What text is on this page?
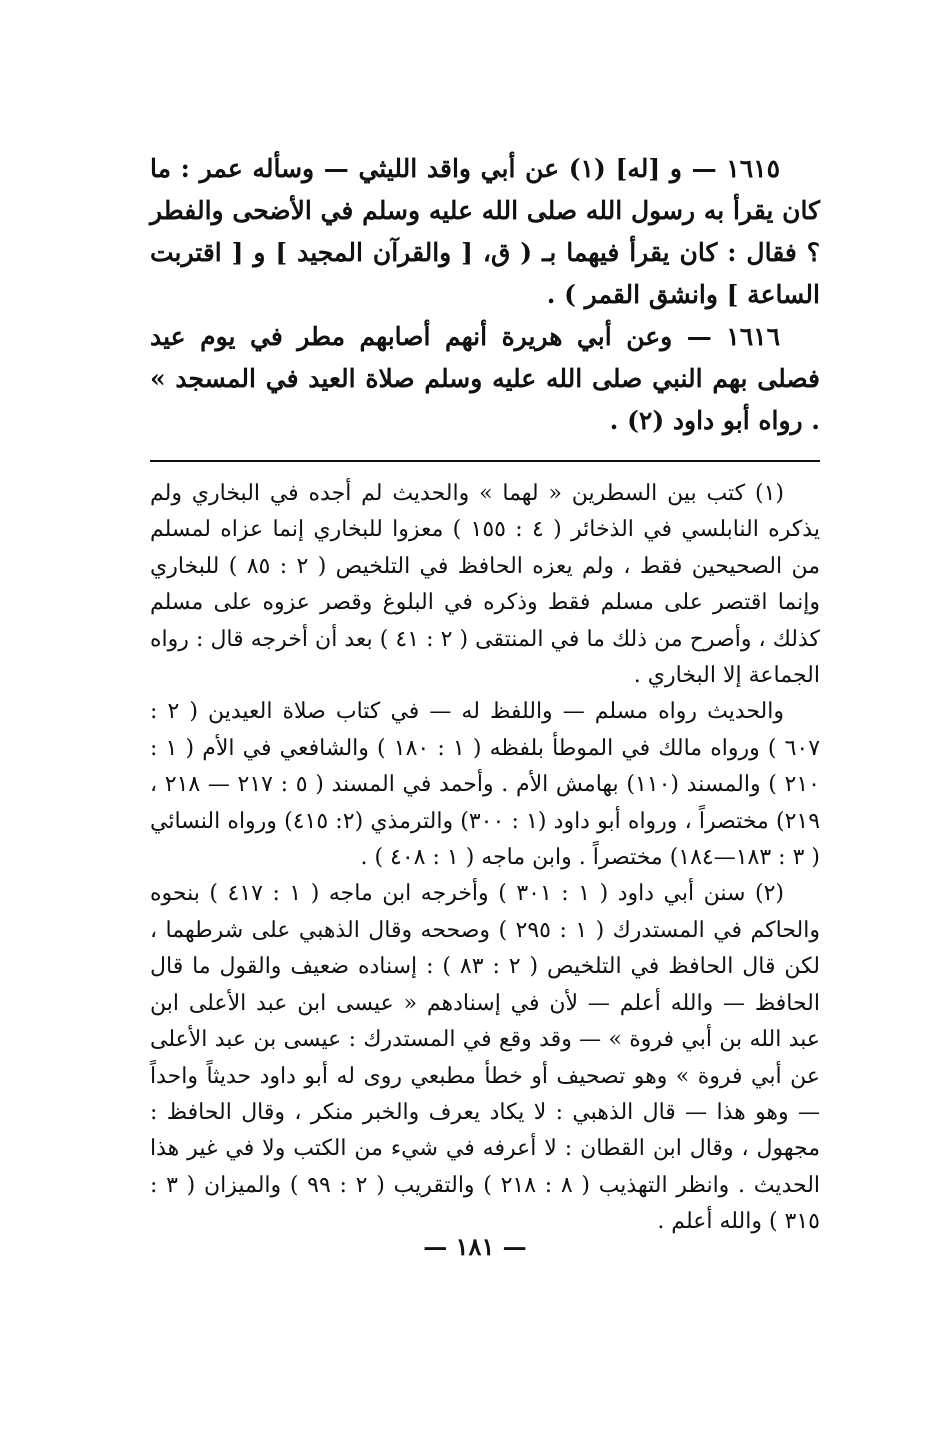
١٦١٥ — و [له] (١) عن أبي واقد الليثي — وسأله عمر : ما كان يقرأ به رسول الله صلى الله عليه وسلم في الأضحى والفطر ؟ فقال : كان يقرأ فيهما بـ ( ق، [ والقرآن المجيد ] و [ اقتربت الساعة ] وانشق القمر ) .

١٦١٦ — وعن أبي هريرة أنهم أصابهم مطر في يوم عيد فصلى بهم النبي صلى الله عليه وسلم صلاة العيد في المسجد » . رواه أبو داود (٢) .

(١) كتب بين السطرين « لهما » والحديث لم أجده في البخاري ولم يذكره النابلسي في الذخائر ( ٤ : ١٥٥ ) معزوا للبخاري إنما عزاه لمسلم من الصحيحين فقط ، ولم يعزه الحافظ في التلخيص ( ٢ : ٨٥ ) للبخاري وإنما اقتصر على مسلم فقط وذكره في البلوغ وقصر عزوه على مسلم كذلك ، وأصرح من ذلك ما في المنتقى ( ٢ : ٤١ ) بعد أن أخرجه قال : رواه الجماعة إلا البخاري .

والحديث رواه مسلم — واللفظ له — في كتاب صلاة العيدين ( ٢ : ٦٠٧ ) ورواه مالك في الموطأ بلفظه ( ١ : ١٨٠ ) والشافعي في الأم ( ١ : ٢١٠ ) والمسند (١١٠) بهامش الأم . وأحمد في المسند ( ٥ : ٢١٧ — ٢١٨ ، ٢١٩) مختصراً ، ورواه أبو داود (١ : ٣٠٠) والترمذي (٢: ٤١٥) ورواه النسائي ( ٣ : ١٨٣—١٨٤) مختصراً . وابن ماجه ( ١ : ٤٠٨ ) .

(٢) سنن أبي داود ( ١ : ٣٠١ ) وأخرجه ابن ماجه ( ١ : ٤١٧ ) بنحوه والحاكم في المستدرك ( ١ : ٢٩٥ ) وصححه وقال الذهبي على شرطهما ، لكن قال الحافظ في التلخيص ( ٢ : ٨٣ ) : إسناده ضعيف والقول ما قال الحافظ — والله أعلم — لأن في إسنادهم « عيسى ابن عبد الأعلى ابن عبد الله بن أبي فروة » — وقد وقع في المستدرك : عيسى بن عبد الأعلى عن أبي فروة » وهو تصحيف أو خطأ مطبعي روى له أبو داود حديثاً واحداً — وهو هذا — قال الذهبي : لا يكاد يعرف والخبر منكر ، وقال الحافظ : مجهول ، وقال ابن القطان : لا أعرفه في شيء من الكتب ولا في غير هذا الحديث . وانظر التهذيب ( ٨ : ٢١٨ ) والتقريب ( ٢ : ٩٩ ) والميزان ( ٣ : ٣١٥ ) والله أعلم .

— ١٨١ —
